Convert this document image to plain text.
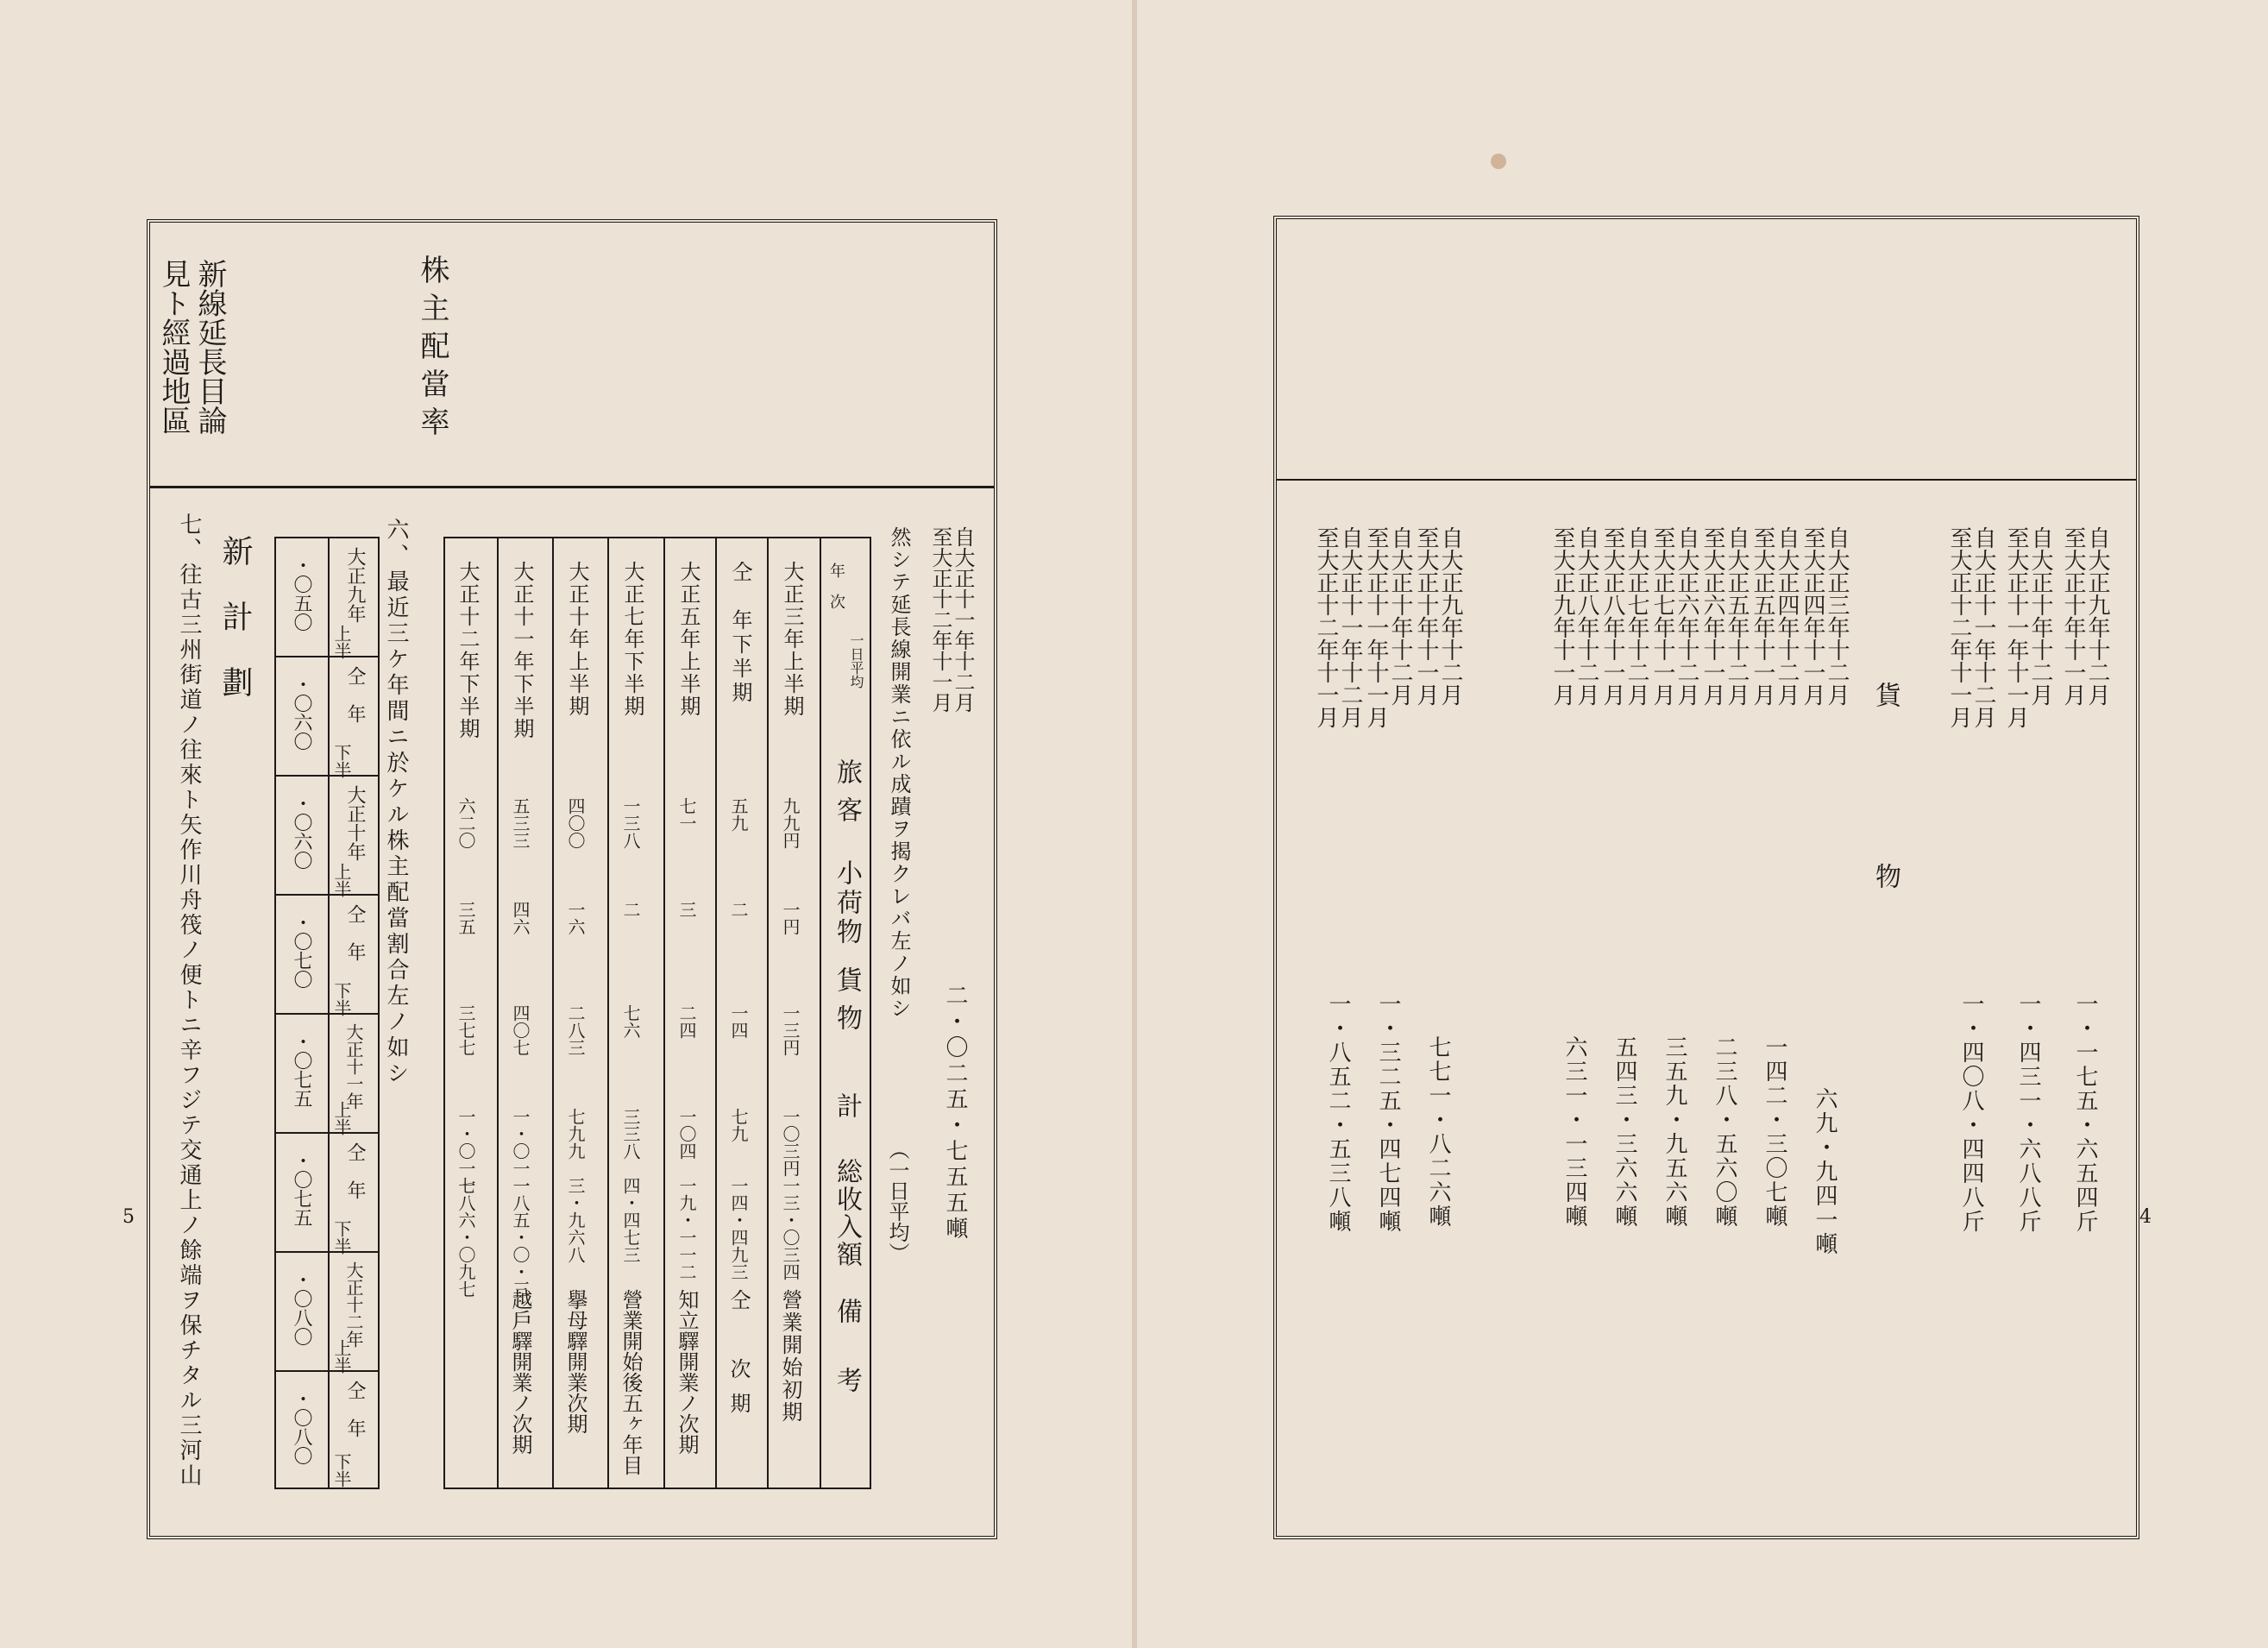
株主配當率
新線延長目論
見ト經過地區
自大正十一年十二月
至大正十二年十一月
二・〇二五・七五五噸
然シテ延長線開業ニ依ル成蹟ヲ揭クレバ左ノ如シ
（一日平均）
年次
一日平均
旅客
小荷物
貨物
計
総收入額
備考
大正三年上半期
九九円
一円
一三円
一〇三円
一三・〇三四
營業開始初期
仝　年下半期
五九
二
一四
七九
一四・四九三
仝　次期
大正五年上半期
七一
三
二四
一〇四
一九・一一二
知立驛開業ノ次期
大正七年下半期
一三八
二
七六
三三八
四・四七三
營業開始後五ヶ年目
大正十年上半期
四〇〇
一六
二八三
七九九
三・九六八
擧母驛開業次期
大正十一年下半期
五三三
四六
四〇七
一・〇一一
一八五・〇・三
越戶驛開業ノ次期
大正十二年下半期
六二〇
三五
三七七
一・〇一七
一八六・〇九七
六、最近三ケ年間ニ於ケル株主配當割合左ノ如シ
大正九年
上半
・〇五〇
仝　年
下半
・〇六〇
大正十年
上半
・〇六〇
仝　年
下半
・〇七〇
大正十一年
上半
・〇七五
仝　年
下半
・〇七五
大正十二年
上半
・〇八〇
仝　年
下半
・〇八〇
新計劃
七、往古三州街道ノ往來ト矢作川舟筏ノ便トニ辛フジテ交通上ノ餘端ヲ保チタル三河山
5
自大正九年十二月
至大正十年十一月
一・一七五・六五四斤
自大正十年十二月
至大正十一年十一月
一・四三一・六八八斤
自大正十一年十二月
至大正十二年十一月
一・四〇八・四四八斤
貨
物
自大正三年十二月
至大正四年十一月
六九・九四一噸
自大正四年十二月
至大正五年十一月
一四二・三〇七噸
自大正五年十二月
至大正六年十一月
二三八・五六〇噸
自大正六年十二月
至大正七年十一月
三五九・九五六噸
自大正七年十二月
至大正八年十一月
五四三・三六六噸
自大正八年十二月
至大正九年十一月
六三一・一三四噸
自大正九年十二月
至大正十年十一月
七七一・八二六噸
自大正十年十二月
至大正十一年十一月
一・三二五・四七四噸
自大正十一年十二月
至大正十二年十一月
一・八五二・五三八噸	4
